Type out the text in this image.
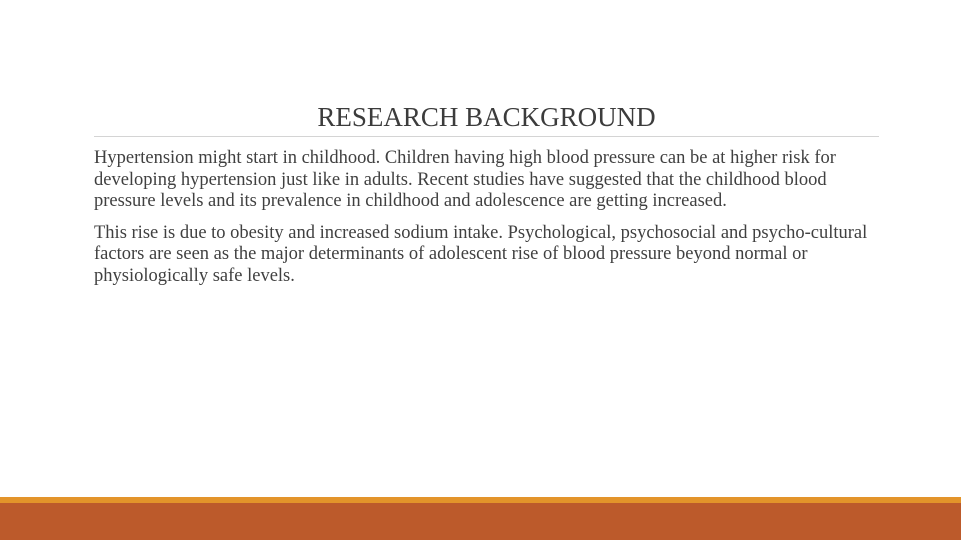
RESEARCH BACKGROUND

Hypertension might start in childhood. Children having high blood pressure can be at higher risk for developing hypertension just like in adults. Recent studies have suggested that the childhood blood pressure levels and its prevalence in childhood and adolescence are getting increased.

This rise is due to obesity and increased sodium intake. Psychological, psychosocial and psycho-cultural factors are seen as the major determinants of adolescent rise of blood pressure beyond normal or physiologically safe levels.
